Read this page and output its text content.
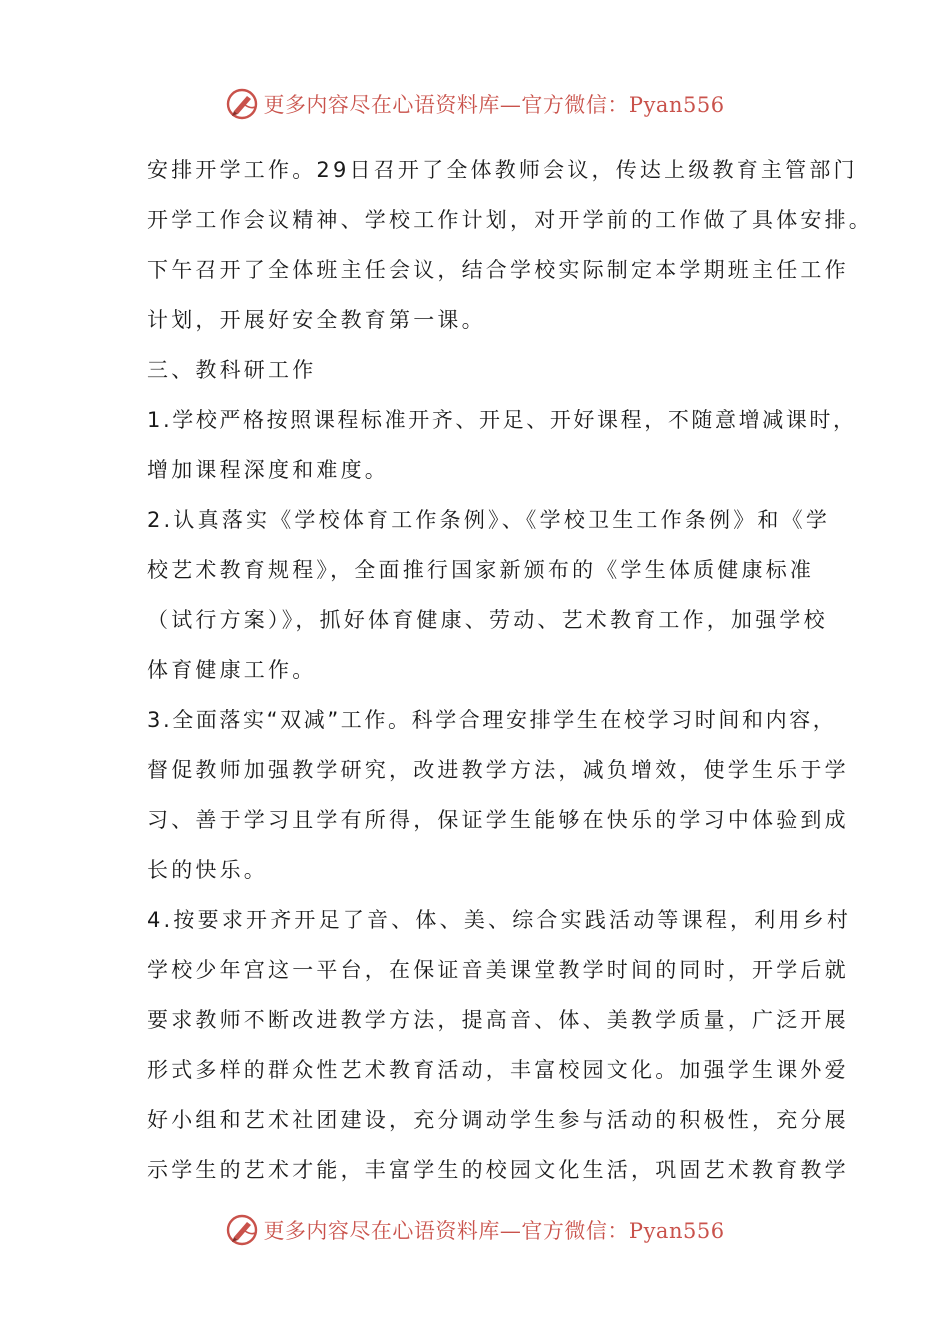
更多内容尽在心语资料库—官方微信：Pyan556
安排开学工作。29日召开了全体教师会议，传达上级教育主管部门
开学工作会议精神、学校工作计划，对开学前的工作做了具体安排。
下午召开了全体班主任会议，结合学校实际制定本学期班主任工作
计划，开展好安全教育第一课。
三、教科研工作
1.学校严格按照课程标准开齐、开足、开好课程，不随意增减课时，
增加课程深度和难度。
2.认真落实《学校体育工作条例》、《学校卫生工作条例》和《学
校艺术教育规程》，全面推行国家新颁布的《学生体质健康标准
（试行方案）》，抓好体育健康、劳动、艺术教育工作，加强学校
体育健康工作。
3.全面落实“双减”工作。科学合理安排学生在校学习时间和内容，
督促教师加强教学研究，改进教学方法，减负增效，使学生乐于学
习、善于学习且学有所得，保证学生能够在快乐的学习中体验到成
长的快乐。
4.按要求开齐开足了音、体、美、综合实践活动等课程，利用乡村
学校少年宫这一平台，在保证音美课堂教学时间的同时，开学后就
要求教师不断改进教学方法，提高音、体、美教学质量，广泛开展
形式多样的群众性艺术教育活动，丰富校园文化。加强学生课外爱
好小组和艺术社团建设，充分调动学生参与活动的积极性，充分展
示学生的艺术才能，丰富学生的校园文化生活，巩固艺术教育教学
更多内容尽在心语资料库—官方微信：Pyan556
